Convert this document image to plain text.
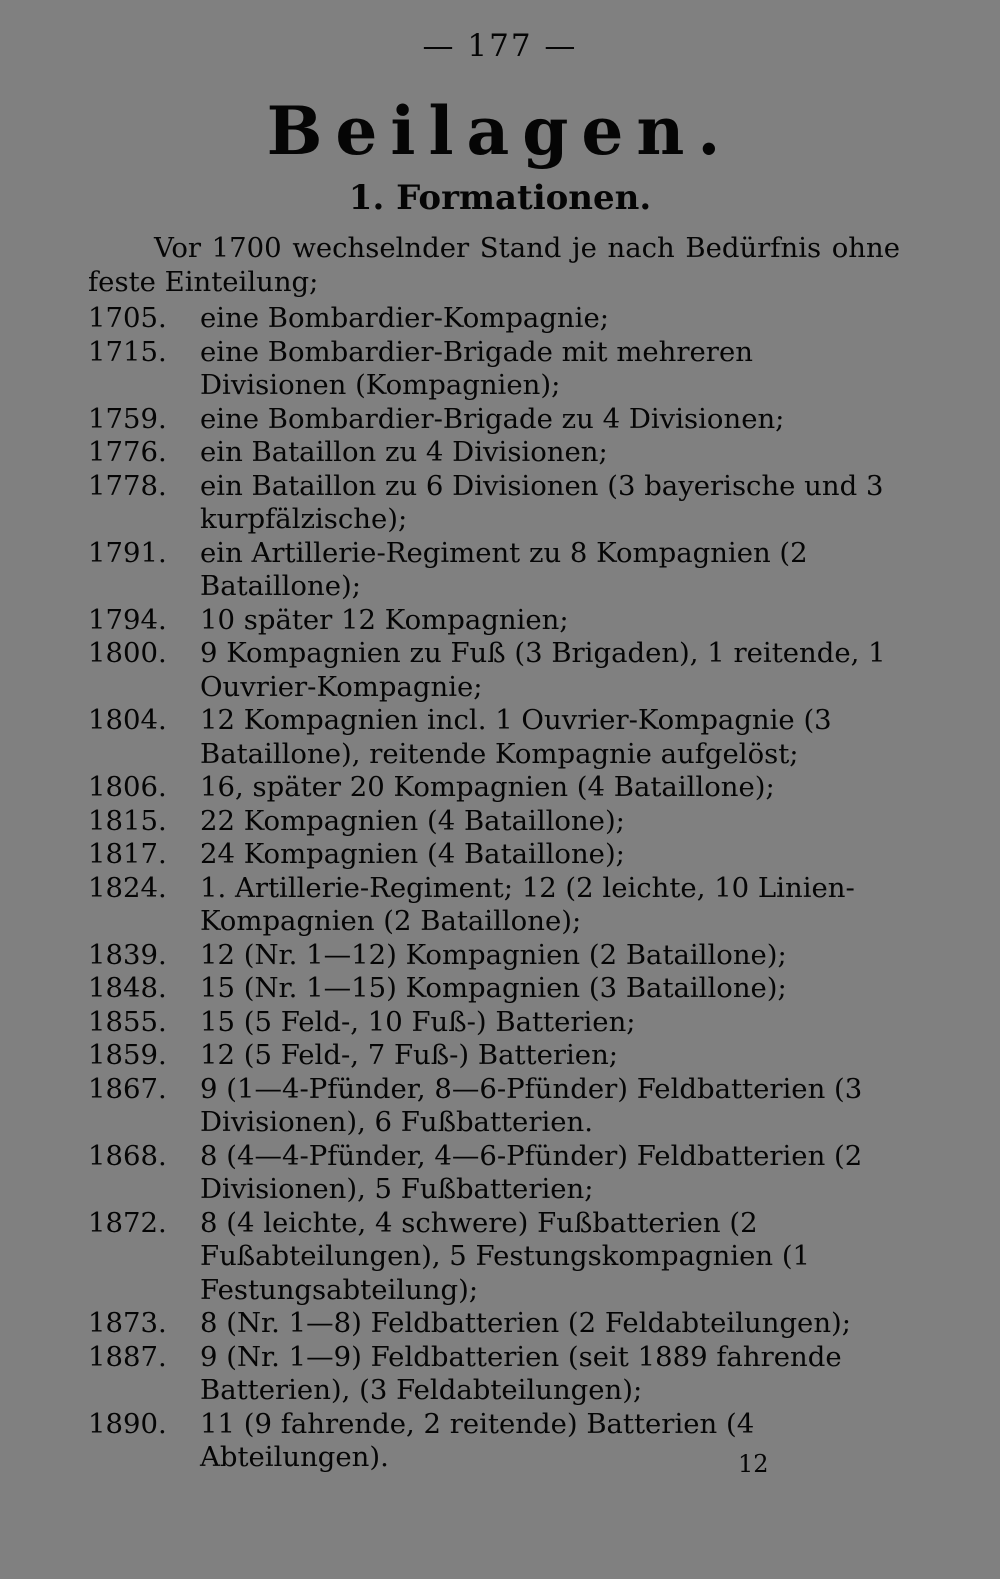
— 177 —
Beilagen.
1. Formationen.

Vor 1700 wechselnder Stand je nach Bedürfnis ohne feste Einteilung;

1705.	eine Bombardier-Kompagnie;
1715.	eine Bombardier-Brigade mit mehreren Divisionen (Kompagnien);
1759.	eine Bombardier-Brigade zu 4 Divisionen;
1776.	ein Bataillon zu 4 Divisionen;
1778.	ein Bataillon zu 6 Divisionen (3 bayerische und 3 kurpfälzische);
1791.	ein Artillerie-Regiment zu 8 Kompagnien (2 Bataillone);
1794.	10 später 12 Kompagnien;
1800.	9 Kompagnien zu Fuß (3 Brigaden), 1 reitende, 1 Ouvrier-Kompagnie;
1804.	12 Kompagnien incl. 1 Ouvrier-Kompagnie (3 Bataillone), reitende Kompagnie aufgelöst;
1806.	16, später 20 Kompagnien (4 Bataillone);
1815.	22 Kompagnien (4 Bataillone);
1817.	24 Kompagnien (4 Bataillone);
1824.	1. Artillerie-Regiment; 12 (2 leichte, 10 Linien-Kompagnien (2 Bataillone);
1839.	12 (Nr. 1—12) Kompagnien (2 Bataillone);
1848.	15 (Nr. 1—15) Kompagnien (3 Bataillone);
1855.	15 (5 Feld-, 10 Fuß-) Batterien;
1859.	12 (5 Feld-, 7 Fuß-) Batterien;
1867.	9 (1—4-Pfünder, 8—6-Pfünder) Feldbatterien (3 Divisionen), 6 Fußbatterien.
1868.	8 (4—4-Pfünder, 4—6-Pfünder) Feldbatterien (2 Divisionen), 5 Fußbatterien;
1872.	8 (4 leichte, 4 schwere) Fußbatterien (2 Fußabteilungen), 5 Festungskompagnien (1 Festungsabteilung);
1873.	8 (Nr. 1—8) Feldbatterien (2 Feldabteilungen);
1887.	9 (Nr. 1—9) Feldbatterien (seit 1889 fahrende Batterien), (3 Feldabteilungen);
1890.	11 (9 fahrende, 2 reitende) Batterien (4 Abteilungen).	12
